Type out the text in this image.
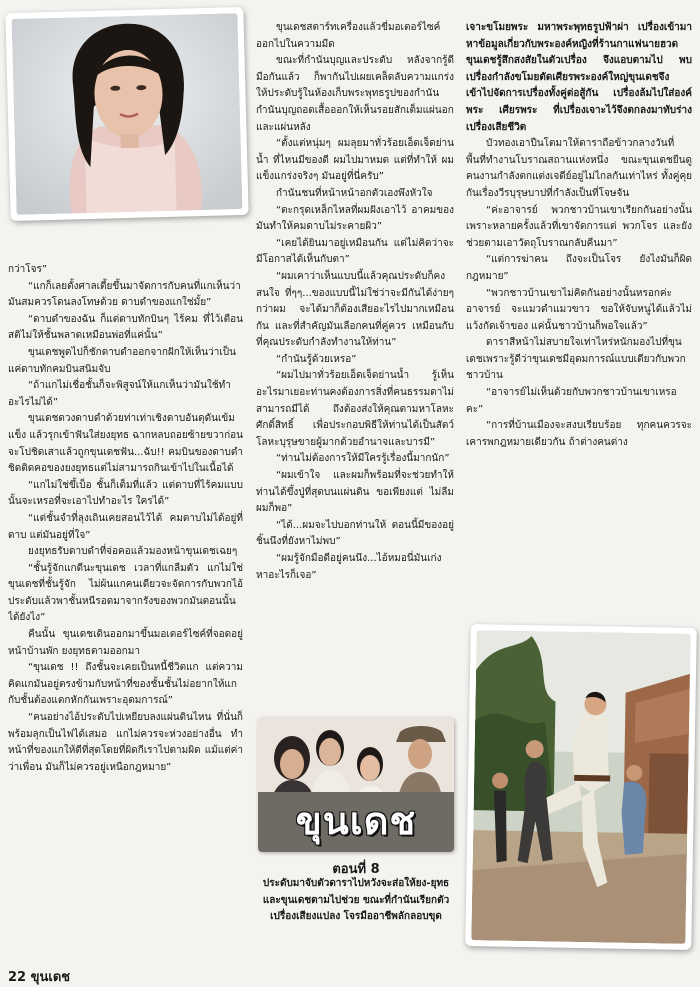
กว่าโจร”

“แกก็เลยตั้งศาลเตี้ยขึ้นมาจัดการกับคนที่แกเห็นว่ามันสมควรโดนลงโทษด้วย ดาบดำของแกใช่มั้ย”

“ดาบดำของฉัน ก็แต่ดาบทักบินๆ ไร้คม ที่ไว้เตือนสติไม่ให้ชั้นพลาดเหมือนพ่อที่แค่นั้น”

ขุนเดชพูดไปก็ชักดาบดำออกจากฝักให้เห็นว่าเป็นแค่ดาบทักคมบินสนิมจับ

“ถ้าแกไม่เชื่อชั้นก็จะพิสูจน์ให้แกเห็นว่ามันใช้ทำอะไรไม่ได้”

ขุนเดชดวงดาบดำด้วยท่าเท่าเชิงดาบอันดุดันเข้มแข็ง แล้วรุกเข้าฟันใส่ยงยุทธ ฉากหลบถอยซ้ายขวาก่อนจะโปชิดเสาแล้วถูกขุนเดชฟัน...ฉับ!! คมบินของดาบดำชิดติดคอของยงยุทธแต่ไม่สามารถกินเข้าไปในเนื้อได้

“แกไม่ใช่ขึ้เบ็อ ชั้นก็เต็มที่แล้ว แต่ดาบที่ไร้คมแบบนั้นจะเหรอที่จะเอาไปทำอะไร ใครได้”

“แต่ชั้นจำที่ลุงเถินเคยสอนไว้ได้ คมดาบไม่ได้อยู่ที่ดาบ แต่มันอยู่ที่ใจ”

ยงยุทธรับดาบดำที่จ่อคอแล้วมองหน้าขุนเดชเฉยๆ

“ชั้นรู้จักแกดีนะขุนเดช เวลาที่แกลืมตัว แกไม่ใช่ขุนเดชที่ชั้นรู้จัก ไม่ผ้นแกคนเดียวจะจัดการกับพวกไอ้ประดับแล้วพาชั้นหนีรอดมาจากรังของพวกมันตอนนั้นได้ยังไง”

คืนนั้น ขุนเดชเดินออกมาขึ้นมอเตอร์ไซค์ที่จอดอยู่หน้าบ้านพัก ยงยุทธตามออกมา

“ขุนเดช !! ถึงชั้นจะเคยเป็นหนี้ชีวิตแก แต่ความคิดแกมันอยู่ตรงข้ามกับหน้าที่ของชั้นชั้นไม่อยากให้แกกับชั้นต้องแตกหักกันเพราะอุดมการณ์”

“คนอย่างไอ้ประดับไปเหยียบลงแผ่นดินไหน ที่นั่นก็พร้อมลุกเป็นไฟได้เสมอ แกไม่ควรจะห่วงอย่างอื่น ทำหน้าที่ของแกให้ดีที่สุดโดยที่ผิดกีเราไปตามผิด แม้แต่ค่าว่าเพื่อน มันก็ไม่ควรอยู่เหนือกฎหมาย”

ขุนเดชสตาร์ทเครื่องแล้วขี่มอเตอร์ไซค์ออกไปในความมืด

ขณะที่กำนันบุญและประดับ หลังจากรู้ดีมือกันแล้ว ก็พากันไปเผยเคล็ดลับความแกร่งให้ประดับรู้ในห้องเก็บพระพุทธรูปของกำนัน กำนันบุญถอดเสื้อออกให้เห็นรอยสักเต็มแผ่นอกและแผ่นหลัง

“ตั้งแต่หนุ่มๆ ผมลุยมาทั่วร้อยเอ็ดเจ็ดย่าน น้ำ ที่ไหนมีของดี ผมไปมาหมด แต่ที่ทำให้ ผมแข็งแกร่งจริงๆ มันอยู่ที่นี่ครับ”

กำนันชนที่หน้าหน้าอกตัวเองพึงหัวใจ

“ตะกรุดเหล็กไหลที่ผมฝังเอาไว้ อาคมของมันทำให้คมดาบไม่ระคายผิว”

“เคยได้ยินมาอยู่เหมือนกัน แต่ไม่คิดว่าจะมีโอกาสได้เห็นกับตา”

“ผมเคาว่าเห็นแบบนี้แล้วคุณประดับก็คงสนใจ ที่ๆๆ...ของแบบนี้ไม่ใช่ว่าจะมีกันได้ง่ายๆ กว่าผม จะได้มาก็ต้องเสียอะไรไปมากเหมือนกัน และที่สำคัญมันเลือกคนที่คู่ควร เหมือนกับที่คุณประดับกำลังทำงานให้ท่าน”

“กำนันรู้ด้วยเหรอ”

“ผมไปมาทั่วร้อยเอ็ดเจ็ดย่านน้ำ รู้เห็นอะไรมาเยอะท่านคงต้องการสิ่งที่คนธรรมดาไม่สามารถมีได้ ถึงต้องส่งให้คุณตามหาโลหะศักดิ์สิทธิ์ เพื่อประกอบพิธีให้ท่านได้เป็นสัตว์โลหะบุรุษขายผู้มากด้วยอำนาจและบารมี”

“ท่านไม่ต้องการให้มีใครรู้เรื่องนี้มากนัก”

“ผมเข้าใจ และผมก็พร้อมที่จะช่วยทำให้ท่านได้ขึ้งปู่ที่สุดบนแผ่นดิน ขอเพียงแต่ ไม่ลืมผมก็พอ”

“ได้...ผมจะไปบอกท่านให้ ตอนนี้มีของอยู่ชิ้นนึงที่ยังหาไม่พบ”

“ผมรู้จักมือดีอยู่คนนึง...ไอ้หมอนี่มันเก่ง หาอะไรก็เจอ”

เจาะขโมยพระ มหาพระพุทธรูปฟ้าผ่า เปรื่องเข้ามาหาข้อมูลเกี่ยวกับพระองค์หญิงที่ร้านกาแฟนายฮวด ขุนเดชรู้สึกสงสัยในตัวเปรื่อง จึงแอบตามไป พบเปรื่องกำลังขโมยตัดเศียรพระองค์ใหญ่ขุนเดชจึงเข้าไปจัดการเปรื่องทั้งคู่ต่อสู้กัน เปรื่องล้มไปใส่องค์พระ เศียรพระ ที่เปรื่องเจาะไว้จึงตกลงมาทับร่างเปรื่องเสียชีวิต

บัวทองเอาปืนโตมาให้ดาราถือข้าวกลางวันที่พื้นที่ทำงานโบราณสถานแห่งหนึ่ง ขณะขุนเดชยืนดูคนงานกำลังตกแต่งเจดีย์อยู่ไม่ไกลกันเท่าไหร่ ทั้งคู่คุยกันเรื่องวีรบุรุษบาปที่กำลังเป็นที่โจษจัน

“ค่ะอาจารย์ พวกชาวบ้านเขาเรียกกันอย่างนั้น เพราะหลายครั้งแล้วที่เขาจัดการแต่ พวกโจร และยังช่วยตามเอาวัตถุโบราณกลับคืนมา”

“แต่การฆ่าคน ถึงจะเป็นโจร ยังไงมันก็ผิดกฎหมาย”

“พวกชาวบ้านเขาไม่คิดกันอย่างนั้นหรอกค่ะอาจารย์ จะแมวดำแมวขาว ขอให้จับหนูได้แล้วไม่แว้งกัดเจ้าของ แค่นั้นชาวบ้านก็พอใจแล้ว”

ดาราสีหน้าไม่สบายใจเท่าไหร่หนักมองไปที่ขุนเดชเพราะรู้ดีว่าขุนเดชมีอุดมการณ์แบบเดียวกับพวกชาวบ้าน

“อาจารย์ไม่เห็นด้วยกับพวกชาวบ้านเขาเหรอคะ”

“การที่บ้านเมืองจะสงบเรียบร้อย ทุกคนควรจะเคารพกฎหมายเดียวกัน ถ้าต่างคนต่าง

ขุนเดช
ตอนที่ 8
ประดับมาจับตัวดาราไปหวังจะส่อให้ยง-ยุทธและขุนเดชตามไปช่วย ขณะที่กำนันเรียกตัวเปรื่องเสียงแปลง โจรมืออาชีพลักลอบขุด
22 ขุนเดช
